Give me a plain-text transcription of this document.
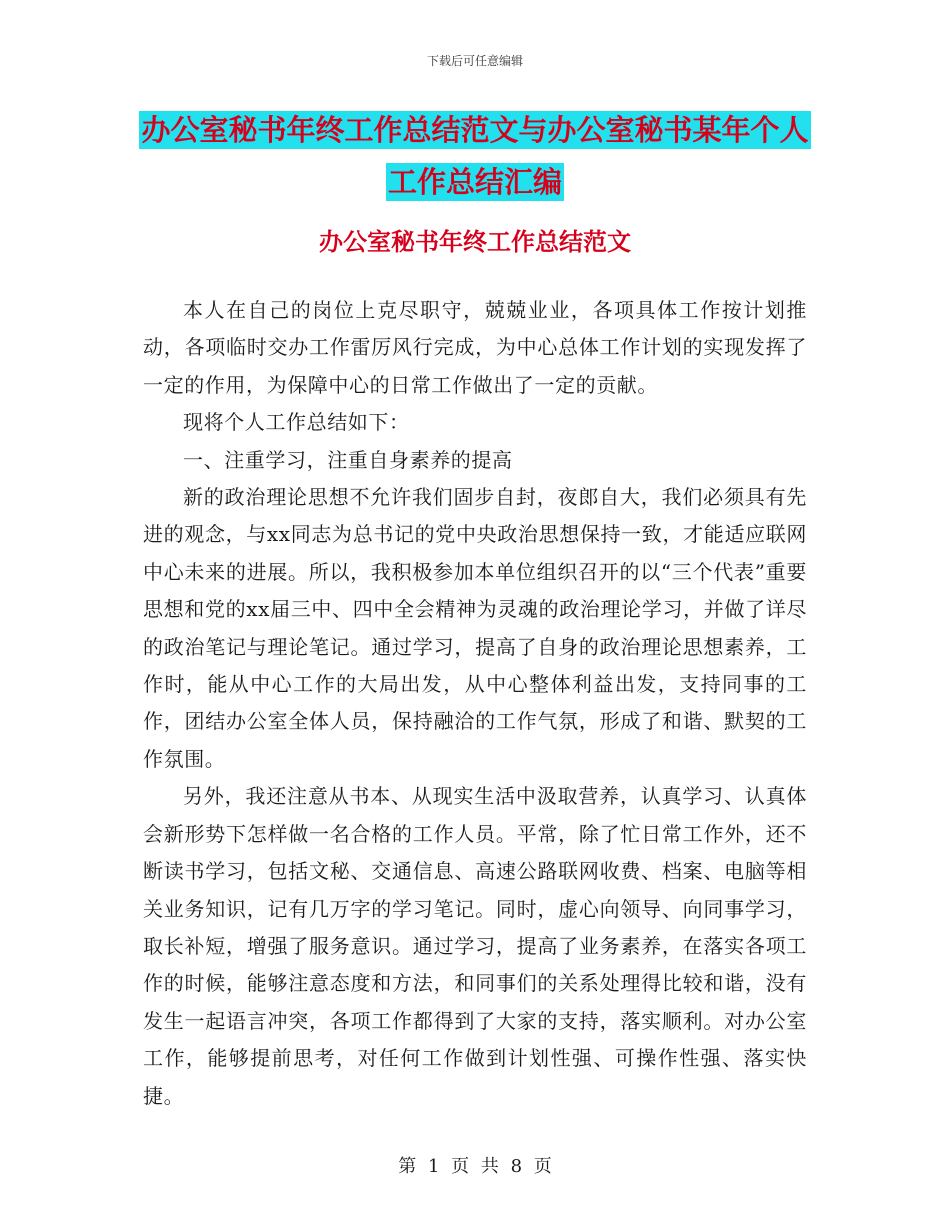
下载后可任意编辑
办公室秘书年终工作总结范文与办公室秘书某年个人
工作总结汇编
办公室秘书年终工作总结范文

本人在自己的岗位上克尽职守，兢兢业业，各项具体工作按计划推动，各项临时交办工作雷厉风行完成，为中心总体工作计划的实现发挥了一定的作用，为保障中心的日常工作做出了一定的贡献。

现将个人工作总结如下：

一、注重学习，注重自身素养的提高

新的政治理论思想不允许我们固步自封，夜郎自大，我们必须具有先进的观念，与xx同志为总书记的党中央政治思想保持一致，才能适应联网中心未来的进展。所以，我积极参加本单位组织召开的以“三个代表”重要思想和党的xx届三中、四中全会精神为灵魂的政治理论学习，并做了详尽的政治笔记与理论笔记。通过学习，提高了自身的政治理论思想素养，工作时，能从中心工作的大局出发，从中心整体利益出发，支持同事的工作，团结办公室全体人员，保持融洽的工作气氛，形成了和谐、默契的工作氛围。

另外，我还注意从书本、从现实生活中汲取营养，认真学习、认真体会新形势下怎样做一名合格的工作人员。平常，除了忙日常工作外，还不断读书学习，包括文秘、交通信息、高速公路联网收费、档案、电脑等相关业务知识，记有几万字的学习笔记。同时，虚心向领导、向同事学习，取长补短，增强了服务意识。通过学习，提高了业务素养，在落实各项工作的时候，能够注意态度和方法，和同事们的关系处理得比较和谐，没有发生一起语言冲突，各项工作都得到了大家的支持，落实顺利。对办公室工作，能够提前思考，对任何工作做到计划性强、可操作性强、落实快捷。

第 1 页 共 8 页
